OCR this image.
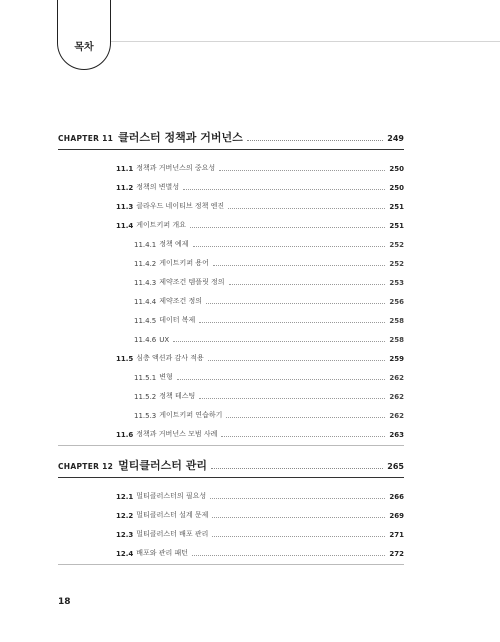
목차
CHAPTER 11 클러스터 정책과 거버넌스	249
11.1 정책과 거버넌스의 중요성	250
11.2 정책의 변별성	250
11.3 클라우드 네이티브 정책 엔진	251
11.4 게이트키퍼 개요	251
11.4.1 정책 예제	252
11.4.2 게이트키퍼 용어	252
11.4.3 제약조건 템플릿 정의	253
11.4.4 제약조건 정의	256
11.4.5 데이터 복제	258
11.4.6 UX	258
11.5 심층 액션과 감사 적용	259
11.5.1 변형	262
11.5.2 정책 테스팅	262
11.5.3 게이트키퍼 연습하기	262
11.6 정책과 거버넌스 모범 사례	263
CHAPTER 12 멀티클러스터 관리	265
12.1 멀티클러스터의 필요성	266
12.2 멀티클러스터 설계 문제	269
12.3 멀티클러스터 배포 관리	271
12.4 배포와 관리 패턴	272
18
